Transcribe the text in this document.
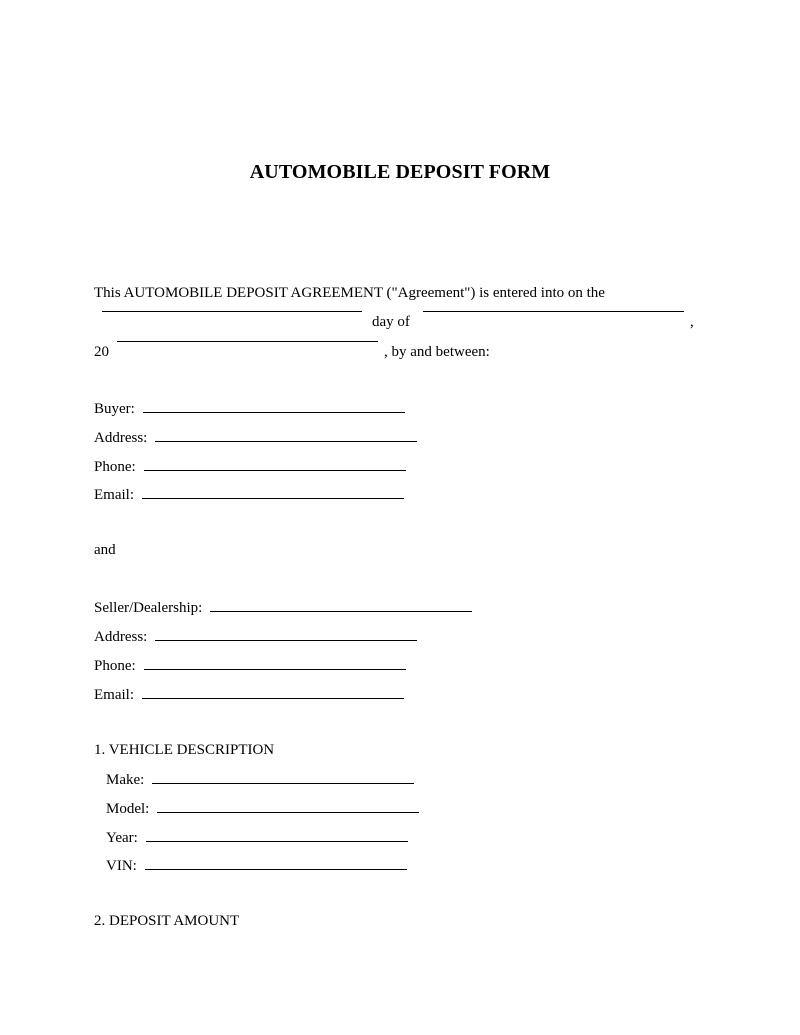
AUTOMOBILE DEPOSIT FORM
This AUTOMOBILE DEPOSIT AGREEMENT ("Agreement") is entered into on the
day of	,
20	, by and between:
Buyer:
Address:
Phone:
Email:
and
Seller/Dealership:
Address:
Phone:
Email:
1. VEHICLE DESCRIPTION
Make:
Model:
Year:
VIN:
2. DEPOSIT AMOUNT
